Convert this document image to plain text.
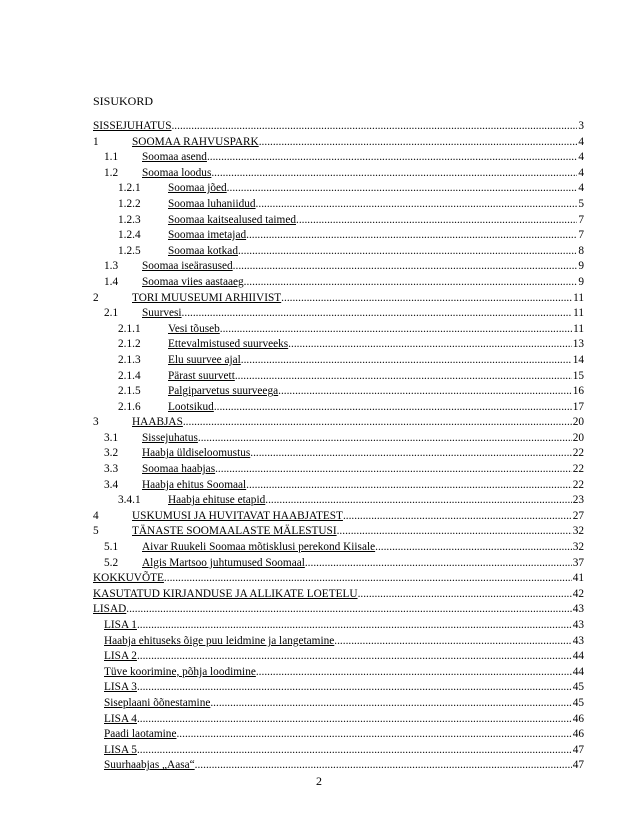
SISUKORD
SISSEJUHATUS .....	3
1	SOOMAA RAHVUSPARK .....	4
1.1	Soomaa asend .....	4
1.2	Soomaa loodus .....	4
1.2.1	Soomaa jõed .....	4
1.2.2	Soomaa luhaniidud .....	5
1.2.3	Soomaa kaitsealused taimed .....	7
1.2.4	Soomaa imetajad .....	7
1.2.5	Soomaa kotkad .....	8
1.3	Soomaa iseärasused .....	9
1.4	Soomaa viies aastaaeg .....	9
2	TORI MUUSEUMI ARHIIVIST .....	11
2.1	Suurvesi .....	11
2.1.1	Vesi tõuseb .....	11
2.1.2	Ettevalmistused suurveeks .....	13
2.1.3	Elu suurvee ajal .....	14
2.1.4	Pärast suurvett .....	15
2.1.5	Palgiparvetus suurveega .....	16
2.1.6	Lootsikud .....	17
3	HAABJAS .....	20
3.1	Sissejuhatus .....	20
3.2	Haabja üldiseloomustus .....	22
3.3	Soomaa haabjas .....	22
3.4	Haabja ehitus Soomaal .....	22
3.4.1	Haabja ehituse etapid .....	23
4	USKUMUSI JA HUVITAVAT HAABJATEST .....	27
5	TÄNASTE SOOMAALASTE MÄLESTUSI .....	32
5.1	Aivar Ruukeli Soomaa mõtisklusi perekond Kiisale .....	32
5.2	Algis Martsoo juhtumused Soomaal .....	37
KOKKUVÕTE .....	41
KASUTATUD KIRJANDUSE JA ALLIKATE LOETELU .....	42
LISAD .....	43
LISA 1 .....	43
Haabja ehituseks õige puu leidmine ja langetamine .....	43
LISA 2 .....	44
Tüve koorimine, põhja loodimine .....	44
LISA 3 .....	45
Siseplaani õõnestamine .....	45
LISA 4 .....	46
Paadi laotamine .....	46
LISA 5 .....	47
Suurhaabjas „Aasa“ .....	47
2
